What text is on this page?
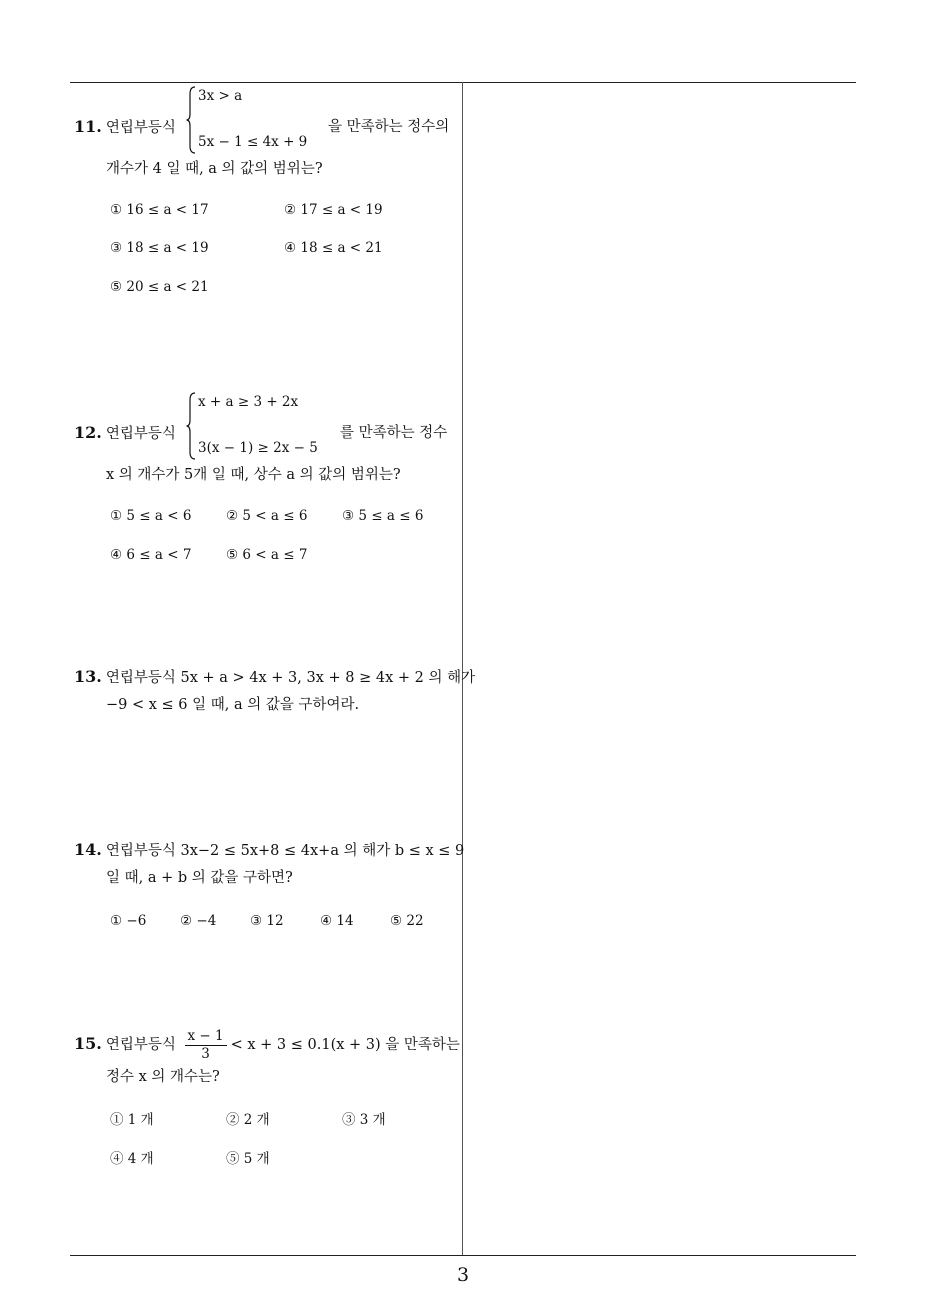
3
11. 연립부등식
3x > a
5x − 1 ≤ 4x + 9
을 만족하는 정수의
개수가 4 일 때, a 의 값의 범위는?
① 16 ≤ a < 17	② 17 ≤ a < 19
③ 18 ≤ a < 19	④ 18 ≤ a < 21
⑤ 20 ≤ a < 21
12. 연립부등식
x + a ≥ 3 + 2x
3(x − 1) ≥ 2x − 5
를 만족하는 정수
x 의 개수가 5개 일 때, 상수 a 의 값의 범위는?
① 5 ≤ a < 6	② 5 < a ≤ 6	③ 5 ≤ a ≤ 6
④ 6 ≤ a < 7	⑤ 6 < a ≤ 7
13. 연립부등식 5x + a > 4x + 3, 3x + 8 ≥ 4x + 2 의 해가
−9 < x ≤ 6 일 때, a 의 값을 구하여라.
14. 연립부등식 3x−2 ≤ 5x+8 ≤ 4x+a 의 해가 b ≤ x ≤ 9
일 때, a + b 의 값을 구하면?
① −6 ② −4 ③ 12	④ 14	⑤ 22
15. 연립부등식 $\frac{x - 1}{3} < x + 3 \le 0.1(x + 3)$ 을 만족하는
정수 x 의 개수는?
① 1 개	② 2 개	③ 3 개
④ 4 개	⑤ 5 개
